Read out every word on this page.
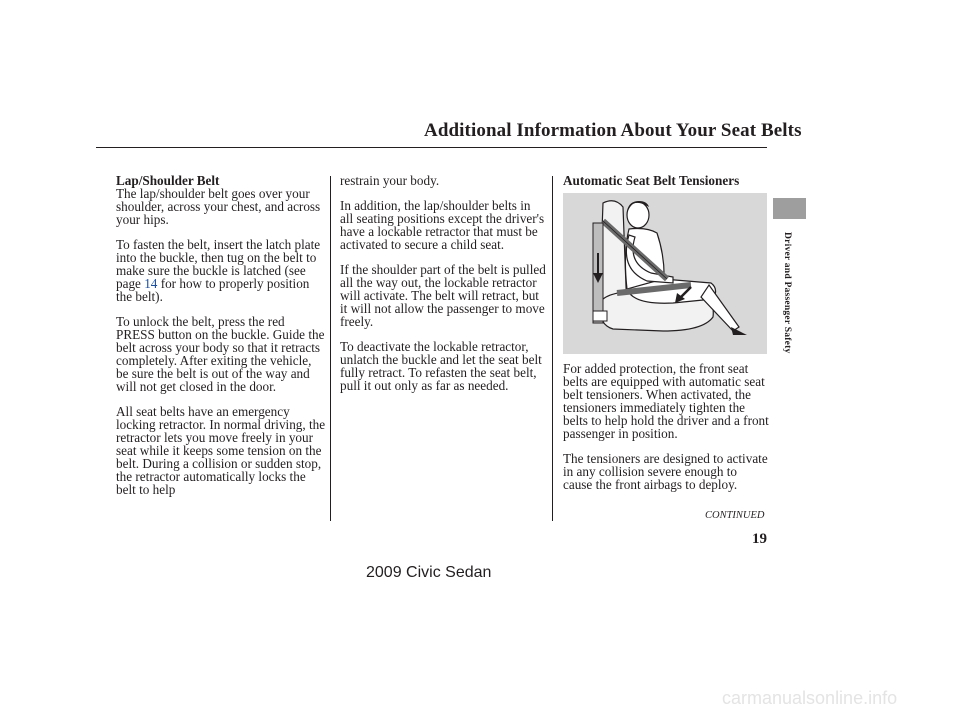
Additional Information About Your Seat Belts
Lap/Shoulder Belt

The lap/shoulder belt goes over your shoulder, across your chest, and across your hips.

To fasten the belt, insert the latch plate into the buckle, then tug on the belt to make sure the buckle is latched (see page 14 for how to properly position the belt).

To unlock the belt, press the red PRESS button on the buckle. Guide the belt across your body so that it retracts completely. After exiting the vehicle, be sure the belt is out of the way and will not get closed in the door.

All seat belts have an emergency locking retractor. In normal driving, the retractor lets you move freely in your seat while it keeps some tension on the belt. During a collision or sudden stop, the retractor automatically locks the belt to help

restrain your body.

In addition, the lap/shoulder belts in all seating positions except the driver's have a lockable retractor that must be activated to secure a child seat.

If the shoulder part of the belt is pulled all the way out, the lockable retractor will activate. The belt will retract, but it will not allow the passenger to move freely.

To deactivate the lockable retractor, unlatch the buckle and let the seat belt fully retract. To refasten the seat belt, pull it out only as far as needed.

Automatic Seat Belt Tensioners

For added protection, the front seat belts are equipped with automatic seat belt tensioners. When activated, the tensioners immediately tighten the belts to help hold the driver and a front passenger in position.

The tensioners are designed to activate in any collision severe enough to cause the front airbags to deploy.

CONTINUED
19
Driver and Passenger Safety
2009 Civic Sedan
carmanualsonline.info
